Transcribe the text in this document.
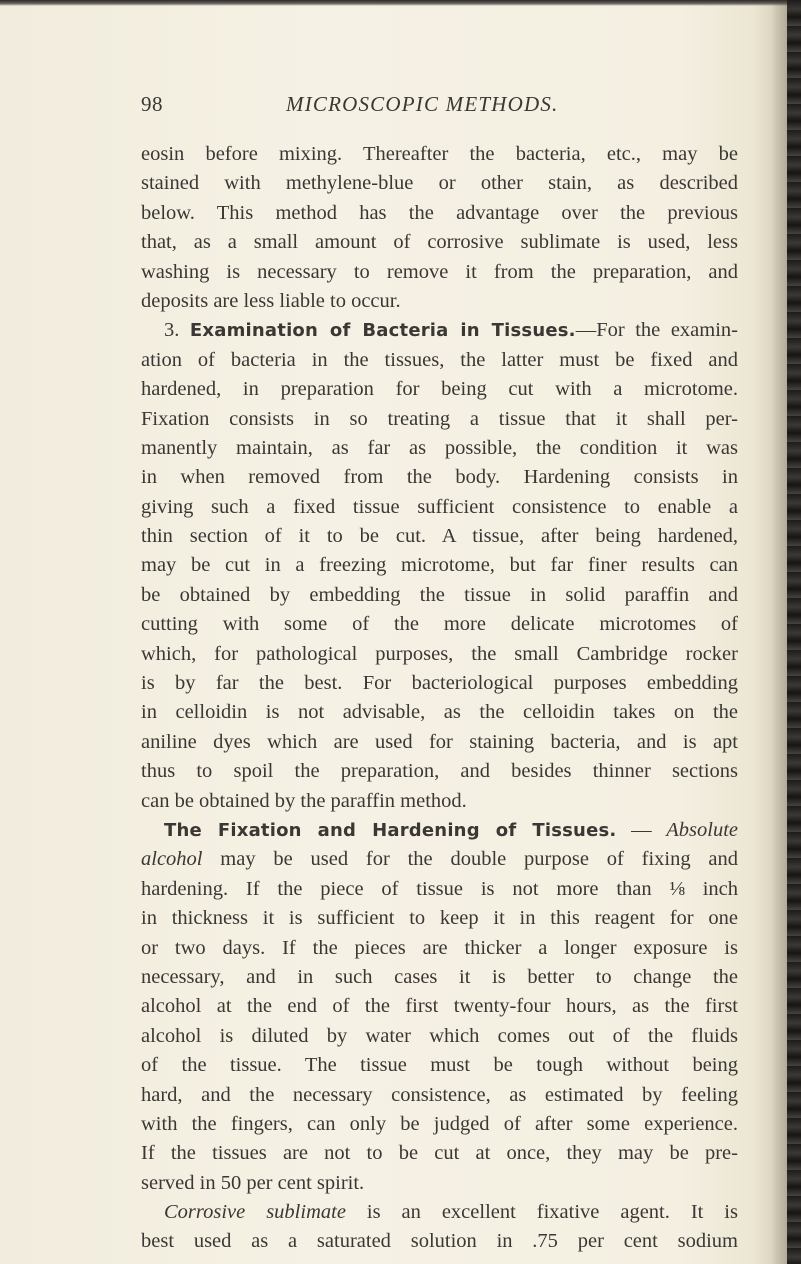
98	MICROSCOPIC METHODS.
eosin before mixing. Thereafter the bacteria, etc., may be
stained with methylene-blue or other stain, as described
below. This method has the advantage over the previous
that, as a small amount of corrosive sublimate is used, less
washing is necessary to remove it from the preparation, and
deposits are less liable to occur.
3. Examination of Bacteria in Tissues.—For the examin-
ation of bacteria in the tissues, the latter must be fixed and
hardened, in preparation for being cut with a microtome.
Fixation consists in so treating a tissue that it shall per-
manently maintain, as far as possible, the condition it was
in when removed from the body. Hardening consists in
giving such a fixed tissue sufficient consistence to enable a
thin section of it to be cut. A tissue, after being hardened,
may be cut in a freezing microtome, but far finer results can
be obtained by embedding the tissue in solid paraffin and
cutting with some of the more delicate microtomes of
which, for pathological purposes, the small Cambridge rocker
is by far the best. For bacteriological purposes embedding
in celloidin is not advisable, as the celloidin takes on the
aniline dyes which are used for staining bacteria, and is apt
thus to spoil the preparation, and besides thinner sections
can be obtained by the paraffin method.
The Fixation and Hardening of Tissues. — Absolute
alcohol may be used for the double purpose of fixing and
hardening. If the piece of tissue is not more than ⅛ inch
in thickness it is sufficient to keep it in this reagent for one
or two days. If the pieces are thicker a longer exposure is
necessary, and in such cases it is better to change the
alcohol at the end of the first twenty-four hours, as the first
alcohol is diluted by water which comes out of the fluids
of the tissue. The tissue must be tough without being
hard, and the necessary consistence, as estimated by feeling
with the fingers, can only be judged of after some experience.
If the tissues are not to be cut at once, they may be pre-
served in 50 per cent spirit.
Corrosive sublimate is an excellent fixative agent. It is
best used as a saturated solution in .75 per cent sodium
